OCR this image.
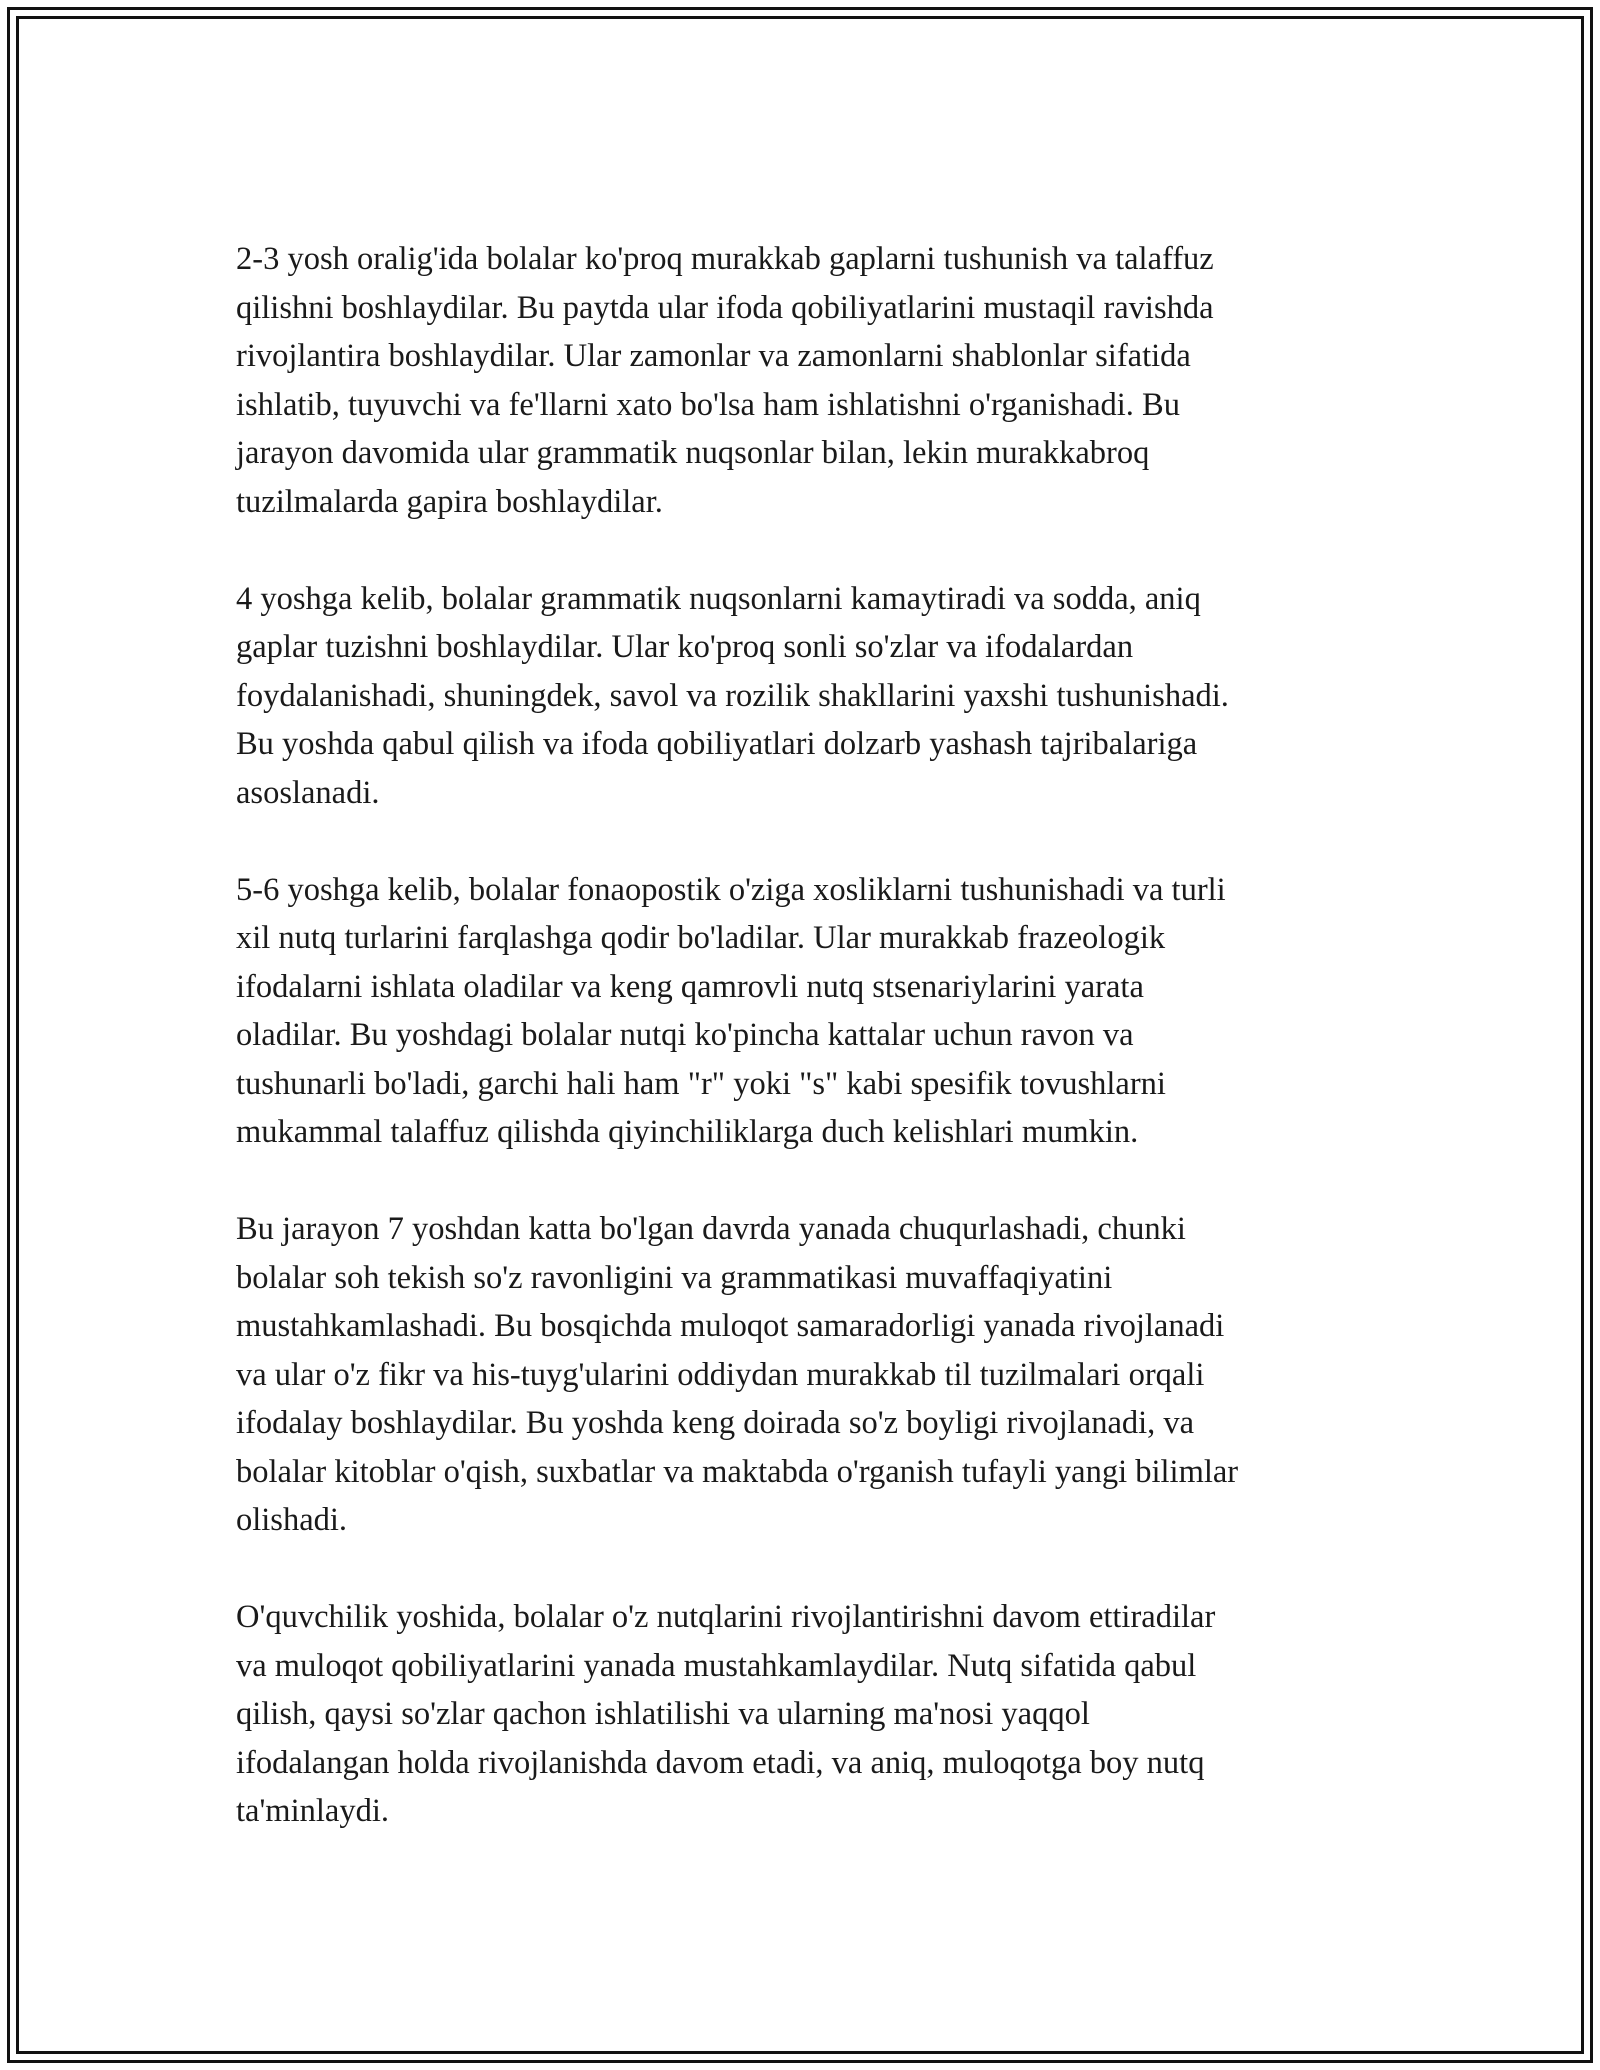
2-3 yosh oralig'ida bolalar ko'proq murakkab gaplarni tushunish va talaffuz
qilishni boshlaydilar. Bu paytda ular ifoda qobiliyatlarini mustaqil ravishda
rivojlantira boshlaydilar. Ular zamonlar va zamonlarni shablonlar sifatida
ishlatib, tuyuvchi va fe'llarni xato bo'lsa ham ishlatishni o'rganishadi. Bu
jarayon davomida ular grammatik nuqsonlar bilan, lekin murakkabroq
tuzilmalarda gapira boshlaydilar.

4 yoshga kelib, bolalar grammatik nuqsonlarni kamaytiradi va sodda, aniq
gaplar tuzishni boshlaydilar. Ular ko'proq sonli so'zlar va ifodalardan
foydalanishadi, shuningdek, savol va rozilik shakllarini yaxshi tushunishadi.
Bu yoshda qabul qilish va ifoda qobiliyatlari dolzarb yashash tajribalariga
asoslanadi.

5-6 yoshga kelib, bolalar fonaopostik o'ziga xosliklarni tushunishadi va turli
xil nutq turlarini farqlashga qodir bo'ladilar. Ular murakkab frazeologik
ifodalarni ishlata oladilar va keng qamrovli nutq stsenariylarini yarata
oladilar. Bu yoshdagi bolalar nutqi ko'pincha kattalar uchun ravon va
tushunarli bo'ladi, garchi hali ham "r" yoki "s" kabi spesifik tovushlarni
mukammal talaffuz qilishda qiyinchiliklarga duch kelishlari mumkin.

Bu jarayon 7 yoshdan katta bo'lgan davrda yanada chuqurlashadi, chunki
bolalar soh tekish so'z ravonligini va grammatikasi muvaffaqiyatini
mustahkamlashadi. Bu bosqichda muloqot samaradorligi yanada rivojlanadi
va ular o'z fikr va his-tuyg'ularini oddiydan murakkab til tuzilmalari orqali
ifodalay boshlaydilar. Bu yoshda keng doirada so'z boyligi rivojlanadi, va
bolalar kitoblar o'qish, suxbatlar va maktabda o'rganish tufayli yangi bilimlar
olishadi.

O'quvchilik yoshida, bolalar o'z nutqlarini rivojlantirishni davom ettiradilar
va muloqot qobiliyatlarini yanada mustahkamlaydilar. Nutq sifatida qabul
qilish, qaysi so'zlar qachon ishlatilishi va ularning ma'nosi yaqqol
ifodalangan holda rivojlanishda davom etadi, va aniq, muloqotga boy nutq
ta'minlaydi.
